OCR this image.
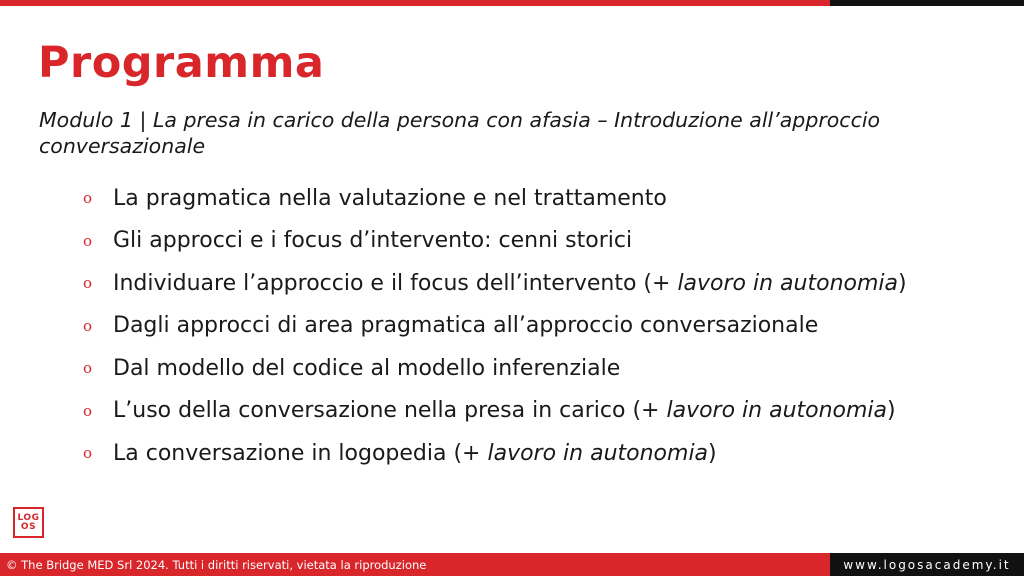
Programma
Modulo 1 | La presa in carico della persona con afasia – Introduzione all’approccio conversazionale
o La pragmatica nella valutazione e nel trattamento
o Gli approcci e i focus d’intervento: cenni storici
o Individuare l’approccio e il focus dell’intervento (+ lavoro in autonomia )
o Dagli approcci di area pragmatica all’approccio conversazionale
o Dal modello del codice al modello inferenziale
o L’uso della conversazione nella presa in carico (+ lavoro in autonomia )
o La conversazione in logopedia (+ lavoro in autonomia )
LOG
OS
© The Bridge MED Srl 2024. Tutti i diritti riservati, vietata la riproduzione	www.logosacademy.it
